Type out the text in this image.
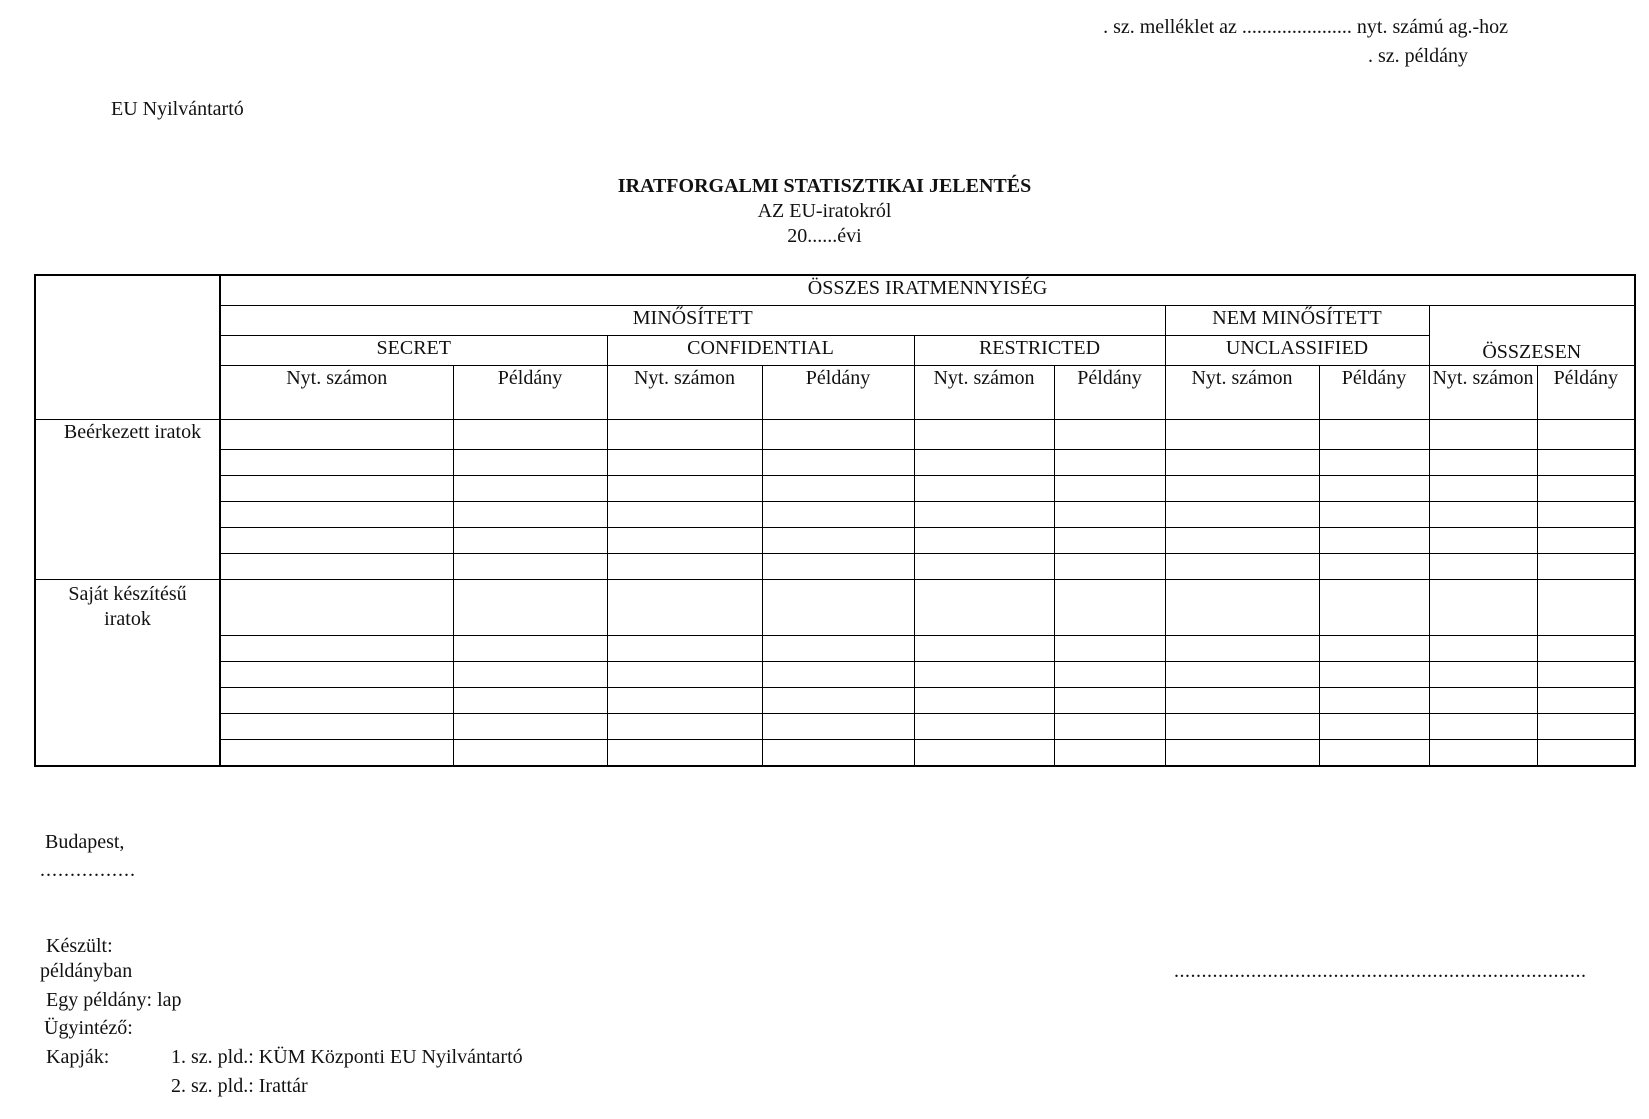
. sz. melléklet az ...................... nyt. számú ag.-hoz
. sz. példány
EU Nyilvántartó
IRATFORGALMI STATISZTIKAI JELENTÉS
AZ EU-iratokról
20......évi
	ÖSSZES IRATMENNYISÉG									
	MINŐSÍTETT						NEM MINŐSÍTETT		ÖSSZESEN	
	SECRET		CONFIDENTIAL		RESTRICTED		UNCLASSIFIED			
	Nyt. számon	Példány	Nyt. számon	Példány	Nyt. számon	Példány	Nyt. számon	Példány	Nyt. számon	Példány
Beérkezett iratok										

Saját készítésű iratok										

Budapest,
................
Készült:
példányban
Egy példány: lap
Ügyintéző:
Kapják:	1. sz. pld.: KÜM Központi EU Nyilvántartó
2. sz. pld.: Irattár
...........................................................................
